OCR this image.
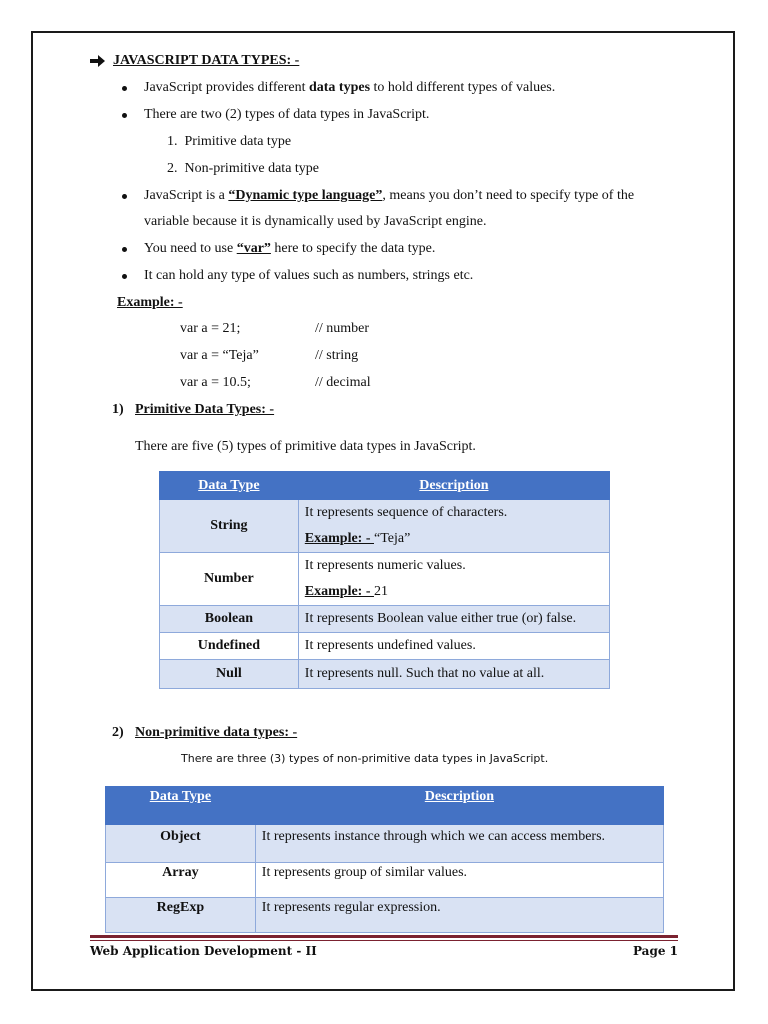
JAVASCRIPT DATA TYPES: -
JavaScript provides different data types to hold different types of values.
There are two (2) types of data types in JavaScript.
1. Primitive data type
2. Non-primitive data type
JavaScript is a “Dynamic type language”, means you don’t need to specify type of the
variable because it is dynamically used by JavaScript engine.
You need to use “var” here to specify the data type.
It can hold any type of values such as numbers, strings etc.
Example: -
var a = 21;	// number
var a = “Teja”	// string
var a = 10.5;	// decimal
1) Primitive Data Types: -
There are five (5) types of primitive data types in JavaScript.
Data Type	Description
String	It represents sequence of characters.
Example: - “Teja”

Number	It represents numeric values.
Example: - 21

Boolean	It represents Boolean value either true (or) false.
Undefined	It represents undefined values.
Null	It represents null. Such that no value at all.
2) Non-primitive data types: -
There are three (3) types of non-primitive data types in JavaScript.
Data Type	Description
Object	It represents instance through which we can access members.
Array	It represents group of similar values.
RegExp	It represents regular expression.
Web Application Development - II	Page 1
